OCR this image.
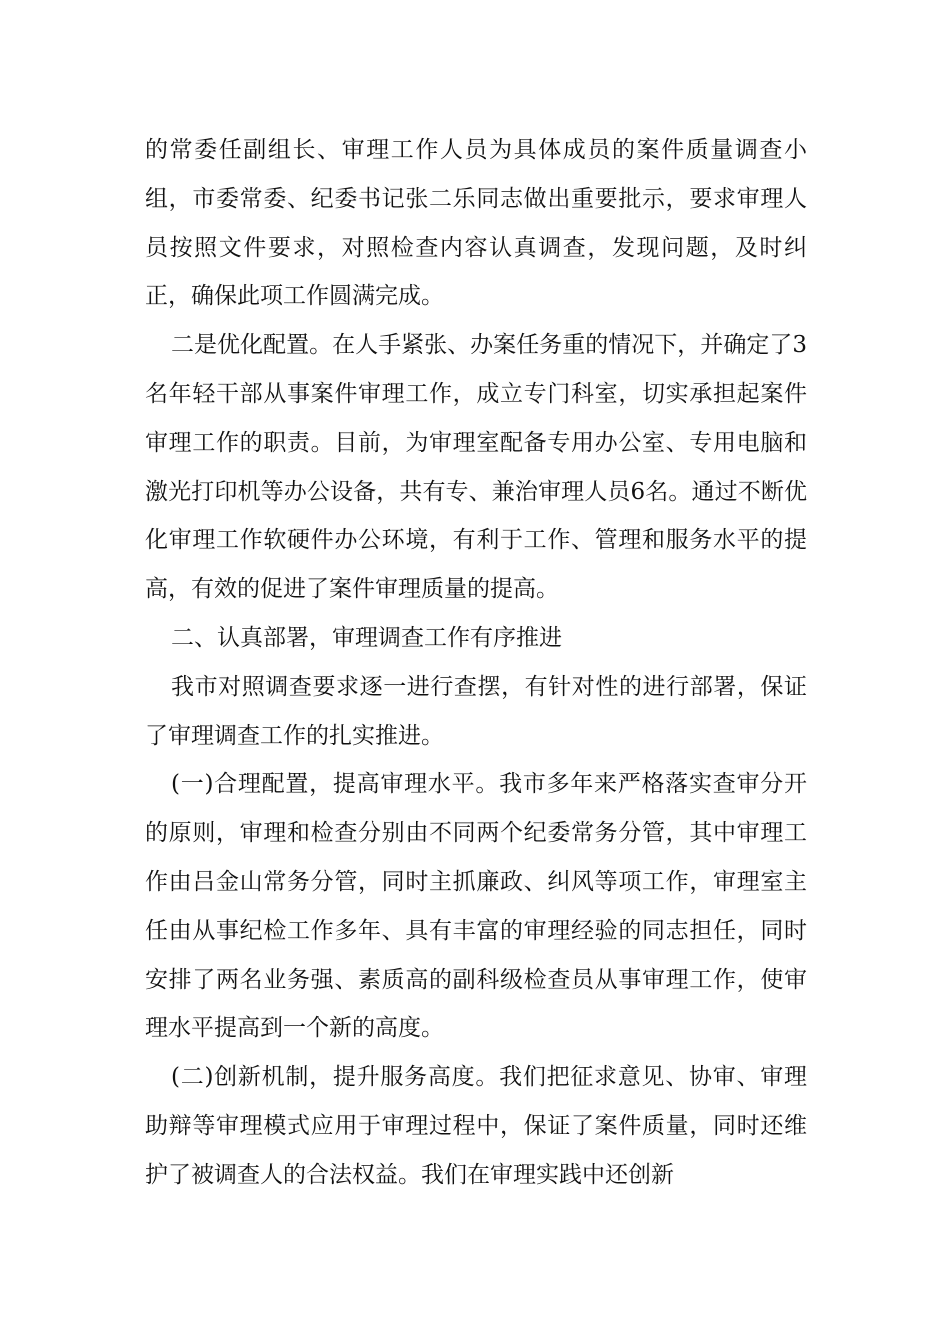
的常委任副组长、审理工作人员为具体成员的案件质量调查小组，市委常委、纪委书记张二乐同志做出重要批示，要求审理人员按照文件要求，对照检查内容认真调查，发现问题，及时纠正，确保此项工作圆满完成。

二是优化配置。在人手紧张、办案任务重的情况下，并确定了3名年轻干部从事案件审理工作，成立专门科室，切实承担起案件审理工作的职责。目前，为审理室配备专用办公室、专用电脑和激光打印机等办公设备，共有专、兼治审理人员6名。通过不断优化审理工作软硬件办公环境，有利于工作、管理和服务水平的提高，有效的促进了案件审理质量的提高。

二、认真部署，审理调查工作有序推进

我市对照调查要求逐一进行查摆，有针对性的进行部署，保证了审理调查工作的扎实推进。

(一)合理配置，提高审理水平。我市多年来严格落实查审分开的原则，审理和检查分别由不同两个纪委常务分管，其中审理工作由吕金山常务分管，同时主抓廉政、纠风等项工作，审理室主任由从事纪检工作多年、具有丰富的审理经验的同志担任，同时安排了两名业务强、素质高的副科级检查员从事审理工作，使审理水平提高到一个新的高度。

(二)创新机制，提升服务高度。我们把征求意见、协审、审理助辩等审理模式应用于审理过程中，保证了案件质量，同时还维护了被调查人的合法权益。我们在审理实践中还创新
